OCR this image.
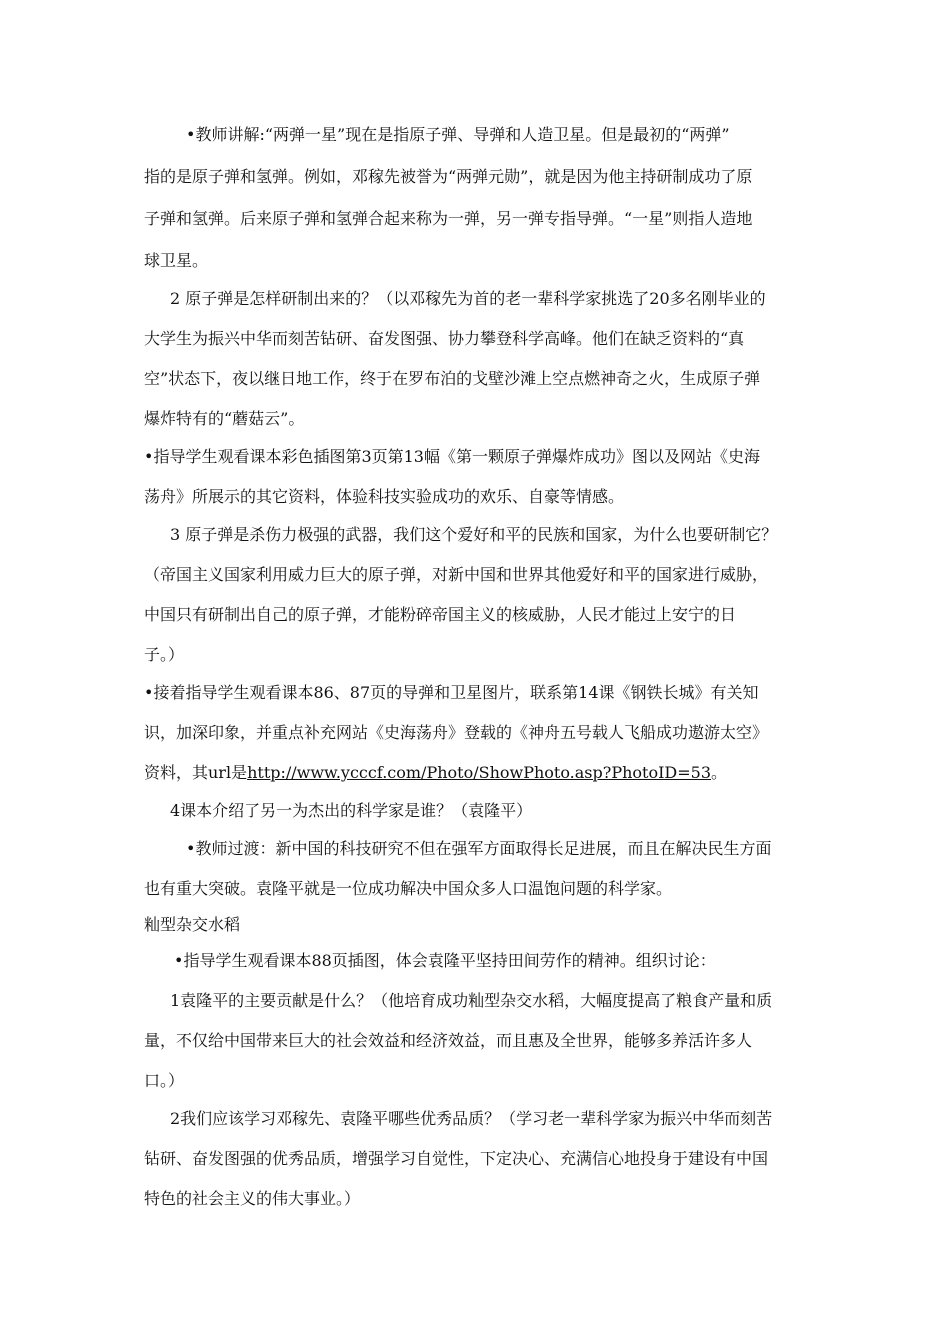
•教师讲解:“两弹一星”现在是指原子弹、导弹和人造卫星。但是最初的“两弹”
指的是原子弹和氢弹。例如，邓稼先被誉为“两弹元勋”，就是因为他主持研制成功了原
子弹和氢弹。后来原子弹和氢弹合起来称为一弹，另一弹专指导弹。“一星”则指人造地
球卫星。
2 原子弹是怎样研制出来的？（以邓稼先为首的老一辈科学家挑选了20多名刚毕业的
大学生为振兴中华而刻苦钻研、奋发图强、协力攀登科学高峰。他们在缺乏资料的“真
空”状态下，夜以继日地工作，终于在罗布泊的戈壁沙滩上空点燃神奇之火，生成原子弹
爆炸特有的“蘑菇云”。
•指导学生观看课本彩色插图第3页第13幅《第一颗原子弹爆炸成功》图以及网站《史海
荡舟》所展示的其它资料，体验科技实验成功的欢乐、自豪等情感。
3 原子弹是杀伤力极强的武器，我们这个爱好和平的民族和国家，为什么也要研制它？
（帝国主义国家利用威力巨大的原子弹，对新中国和世界其他爱好和平的国家进行威胁，
中国只有研制出自己的原子弹，才能粉碎帝国主义的核威胁，人民才能过上安宁的日
子。）
•接着指导学生观看课本86、87页的导弹和卫星图片，联系第14课《钢铁长城》有关知
识，加深印象，并重点补充网站《史海荡舟》登载的《神舟五号载人飞船成功遨游太空》
资料，其url是http://www.ycccf.com/Photo/ShowPhoto.asp?PhotoID=53。
4课本介绍了另一为杰出的科学家是谁？（袁隆平）
•教师过渡：新中国的科技研究不但在强军方面取得长足进展，而且在解决民生方面
也有重大突破。袁隆平就是一位成功解决中国众多人口温饱问题的科学家。
籼型杂交水稻
•指导学生观看课本88页插图，体会袁隆平坚持田间劳作的精神。组织讨论：
1袁隆平的主要贡献是什么？（他培育成功籼型杂交水稻，大幅度提高了粮食产量和质
量，不仅给中国带来巨大的社会效益和经济效益，而且惠及全世界，能够多养活许多人
口。）
2我们应该学习邓稼先、袁隆平哪些优秀品质？（学习老一辈科学家为振兴中华而刻苦
钻研、奋发图强的优秀品质，增强学习自觉性，下定决心、充满信心地投身于建设有中国
特色的社会主义的伟大事业。）
